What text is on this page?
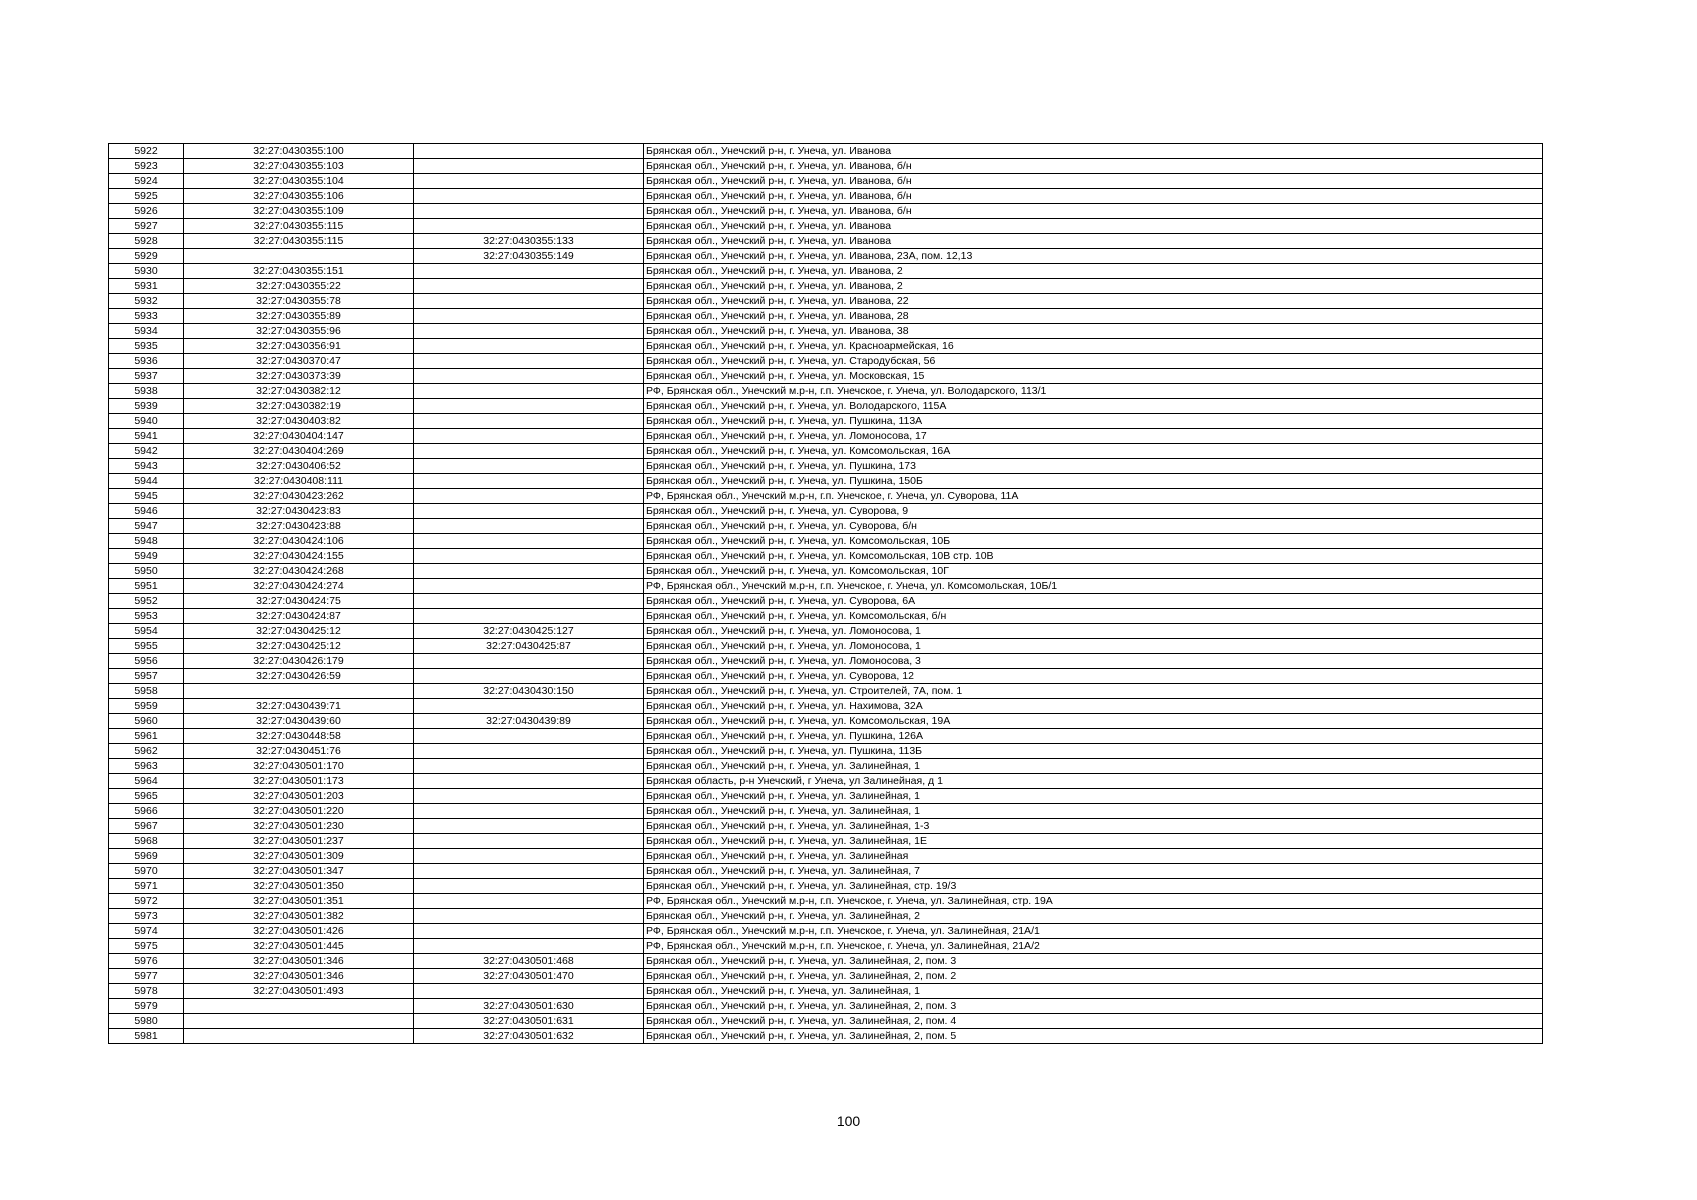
5922	32:27:0430355:100		Брянская обл., Унечский р-н, г. Унеча, ул. Иванова
5923	32:27:0430355:103		Брянская обл., Унечский р-н, г. Унеча, ул. Иванова, б/н
5924	32:27:0430355:104		Брянская обл., Унечский р-н, г. Унеча, ул. Иванова, б/н
5925	32:27:0430355:106		Брянская обл., Унечский р-н, г. Унеча, ул. Иванова, б/н
5926	32:27:0430355:109		Брянская обл., Унечский р-н, г. Унеча, ул. Иванова, б/н
5927	32:27:0430355:115		Брянская обл., Унечский р-н, г. Унеча, ул. Иванова
5928	32:27:0430355:115	32:27:0430355:133	Брянская обл., Унечский р-н, г. Унеча, ул. Иванова
5929		32:27:0430355:149	Брянская обл., Унечский р-н, г. Унеча, ул. Иванова, 23А, пом. 12,13
5930	32:27:0430355:151		Брянская обл., Унечский р-н, г. Унеча, ул. Иванова, 2
5931	32:27:0430355:22		Брянская обл., Унечский р-н, г. Унеча, ул. Иванова, 2
5932	32:27:0430355:78		Брянская обл., Унечский р-н, г. Унеча, ул. Иванова, 22
5933	32:27:0430355:89		Брянская обл., Унечский р-н, г. Унеча, ул. Иванова, 28
5934	32:27:0430355:96		Брянская обл., Унечский р-н, г. Унеча, ул. Иванова, 38
5935	32:27:0430356:91		Брянская обл., Унечский р-н, г. Унеча, ул. Красноармейская, 16
5936	32:27:0430370:47		Брянская обл., Унечский р-н, г. Унеча, ул. Стародубская, 56
5937	32:27:0430373:39		Брянская обл., Унечский р-н, г. Унеча, ул. Московская, 15
5938	32:27:0430382:12		РФ, Брянская обл., Унечский м.р-н, г.п. Унечское, г. Унеча, ул. Володарского, 113/1
5939	32:27:0430382:19		Брянская обл., Унечский р-н, г. Унеча, ул. Володарского, 115А
5940	32:27:0430403:82		Брянская обл., Унечский р-н, г. Унеча, ул. Пушкина, 113А
5941	32:27:0430404:147		Брянская обл., Унечский р-н, г. Унеча, ул. Ломоносова, 17
5942	32:27:0430404:269		Брянская обл., Унечский р-н, г. Унеча, ул. Комсомольская, 16А
5943	32:27:0430406:52		Брянская обл., Унечский р-н, г. Унеча, ул. Пушкина, 173
5944	32:27:0430408:111		Брянская обл., Унечский р-н, г. Унеча, ул. Пушкина, 150Б
5945	32:27:0430423:262		РФ, Брянская обл., Унечский м.р-н, г.п. Унечское, г. Унеча, ул. Суворова, 11А
5946	32:27:0430423:83		Брянская обл., Унечский р-н, г. Унеча, ул. Суворова, 9
5947	32:27:0430423:88		Брянская обл., Унечский р-н, г. Унеча, ул. Суворова, б/н
5948	32:27:0430424:106		Брянская обл., Унечский р-н, г. Унеча, ул. Комсомольская, 10Б
5949	32:27:0430424:155		Брянская обл., Унечский р-н, г. Унеча, ул. Комсомольская, 10В стр. 10В
5950	32:27:0430424:268		Брянская обл., Унечский р-н, г. Унеча, ул. Комсомольская, 10Г
5951	32:27:0430424:274		РФ, Брянская обл., Унечский м.р-н, г.п. Унечское, г. Унеча, ул. Комсомольская, 10Б/1
5952	32:27:0430424:75		Брянская обл., Унечский р-н, г. Унеча, ул. Суворова, 6А
5953	32:27:0430424:87		Брянская обл., Унечский р-н, г. Унеча, ул. Комсомольская, б/н
5954	32:27:0430425:12	32:27:0430425:127	Брянская обл., Унечский р-н, г. Унеча, ул. Ломоносова, 1
5955	32:27:0430425:12	32:27:0430425:87	Брянская обл., Унечский р-н, г. Унеча, ул. Ломоносова, 1
5956	32:27:0430426:179		Брянская обл., Унечский р-н, г. Унеча, ул. Ломоносова, 3
5957	32:27:0430426:59		Брянская обл., Унечский р-н, г. Унеча, ул. Суворова, 12
5958		32:27:0430430:150	Брянская обл., Унечский р-н, г. Унеча, ул. Строителей, 7А, пом. 1
5959	32:27:0430439:71		Брянская обл., Унечский р-н, г. Унеча, ул. Нахимова, 32А
5960	32:27:0430439:60	32:27:0430439:89	Брянская обл., Унечский р-н, г. Унеча, ул. Комсомольская, 19А
5961	32:27:0430448:58		Брянская обл., Унечский р-н, г. Унеча, ул. Пушкина, 126А
5962	32:27:0430451:76		Брянская обл., Унечский р-н, г. Унеча, ул. Пушкина, 113Б
5963	32:27:0430501:170		Брянская обл., Унечский р-н, г. Унеча, ул. Залинейная, 1
5964	32:27:0430501:173		Брянская область, р-н Унечский, г Унеча, ул Залинейная, д 1
5965	32:27:0430501:203		Брянская обл., Унечский р-н, г. Унеча, ул. Залинейная, 1
5966	32:27:0430501:220		Брянская обл., Унечский р-н, г. Унеча, ул. Залинейная, 1
5967	32:27:0430501:230		Брянская обл., Унечский р-н, г. Унеча, ул. Залинейная, 1-3
5968	32:27:0430501:237		Брянская обл., Унечский р-н, г. Унеча, ул. Залинейная, 1Е
5969	32:27:0430501:309		Брянская обл., Унечский р-н, г. Унеча, ул. Залинейная
5970	32:27:0430501:347		Брянская обл., Унечский р-н, г. Унеча, ул. Залинейная, 7
5971	32:27:0430501:350		Брянская обл., Унечский р-н, г. Унеча, ул. Залинейная, стр. 19/3
5972	32:27:0430501:351		РФ, Брянская обл., Унечский м.р-н, г.п. Унечское, г. Унеча, ул. Залинейная, стр. 19А
5973	32:27:0430501:382		Брянская обл., Унечский р-н, г. Унеча, ул. Залинейная, 2
5974	32:27:0430501:426		РФ, Брянская обл., Унечский м.р-н, г.п. Унечское, г. Унеча, ул. Залинейная, 21А/1
5975	32:27:0430501:445		РФ, Брянская обл., Унечский м.р-н, г.п. Унечское, г. Унеча, ул. Залинейная, 21А/2
5976	32:27:0430501:346	32:27:0430501:468	Брянская обл., Унечский р-н, г. Унеча, ул. Залинейная, 2, пом. 3
5977	32:27:0430501:346	32:27:0430501:470	Брянская обл., Унечский р-н, г. Унеча, ул. Залинейная, 2, пом. 2
5978	32:27:0430501:493		Брянская обл., Унечский р-н, г. Унеча, ул. Залинейная, 1
5979		32:27:0430501:630	Брянская обл., Унечский р-н, г. Унеча, ул. Залинейная, 2, пом. 3
5980		32:27:0430501:631	Брянская обл., Унечский р-н, г. Унеча, ул. Залинейная, 2, пом. 4
5981		32:27:0430501:632	Брянская обл., Унечский р-н, г. Унеча, ул. Залинейная, 2, пом. 5
100
